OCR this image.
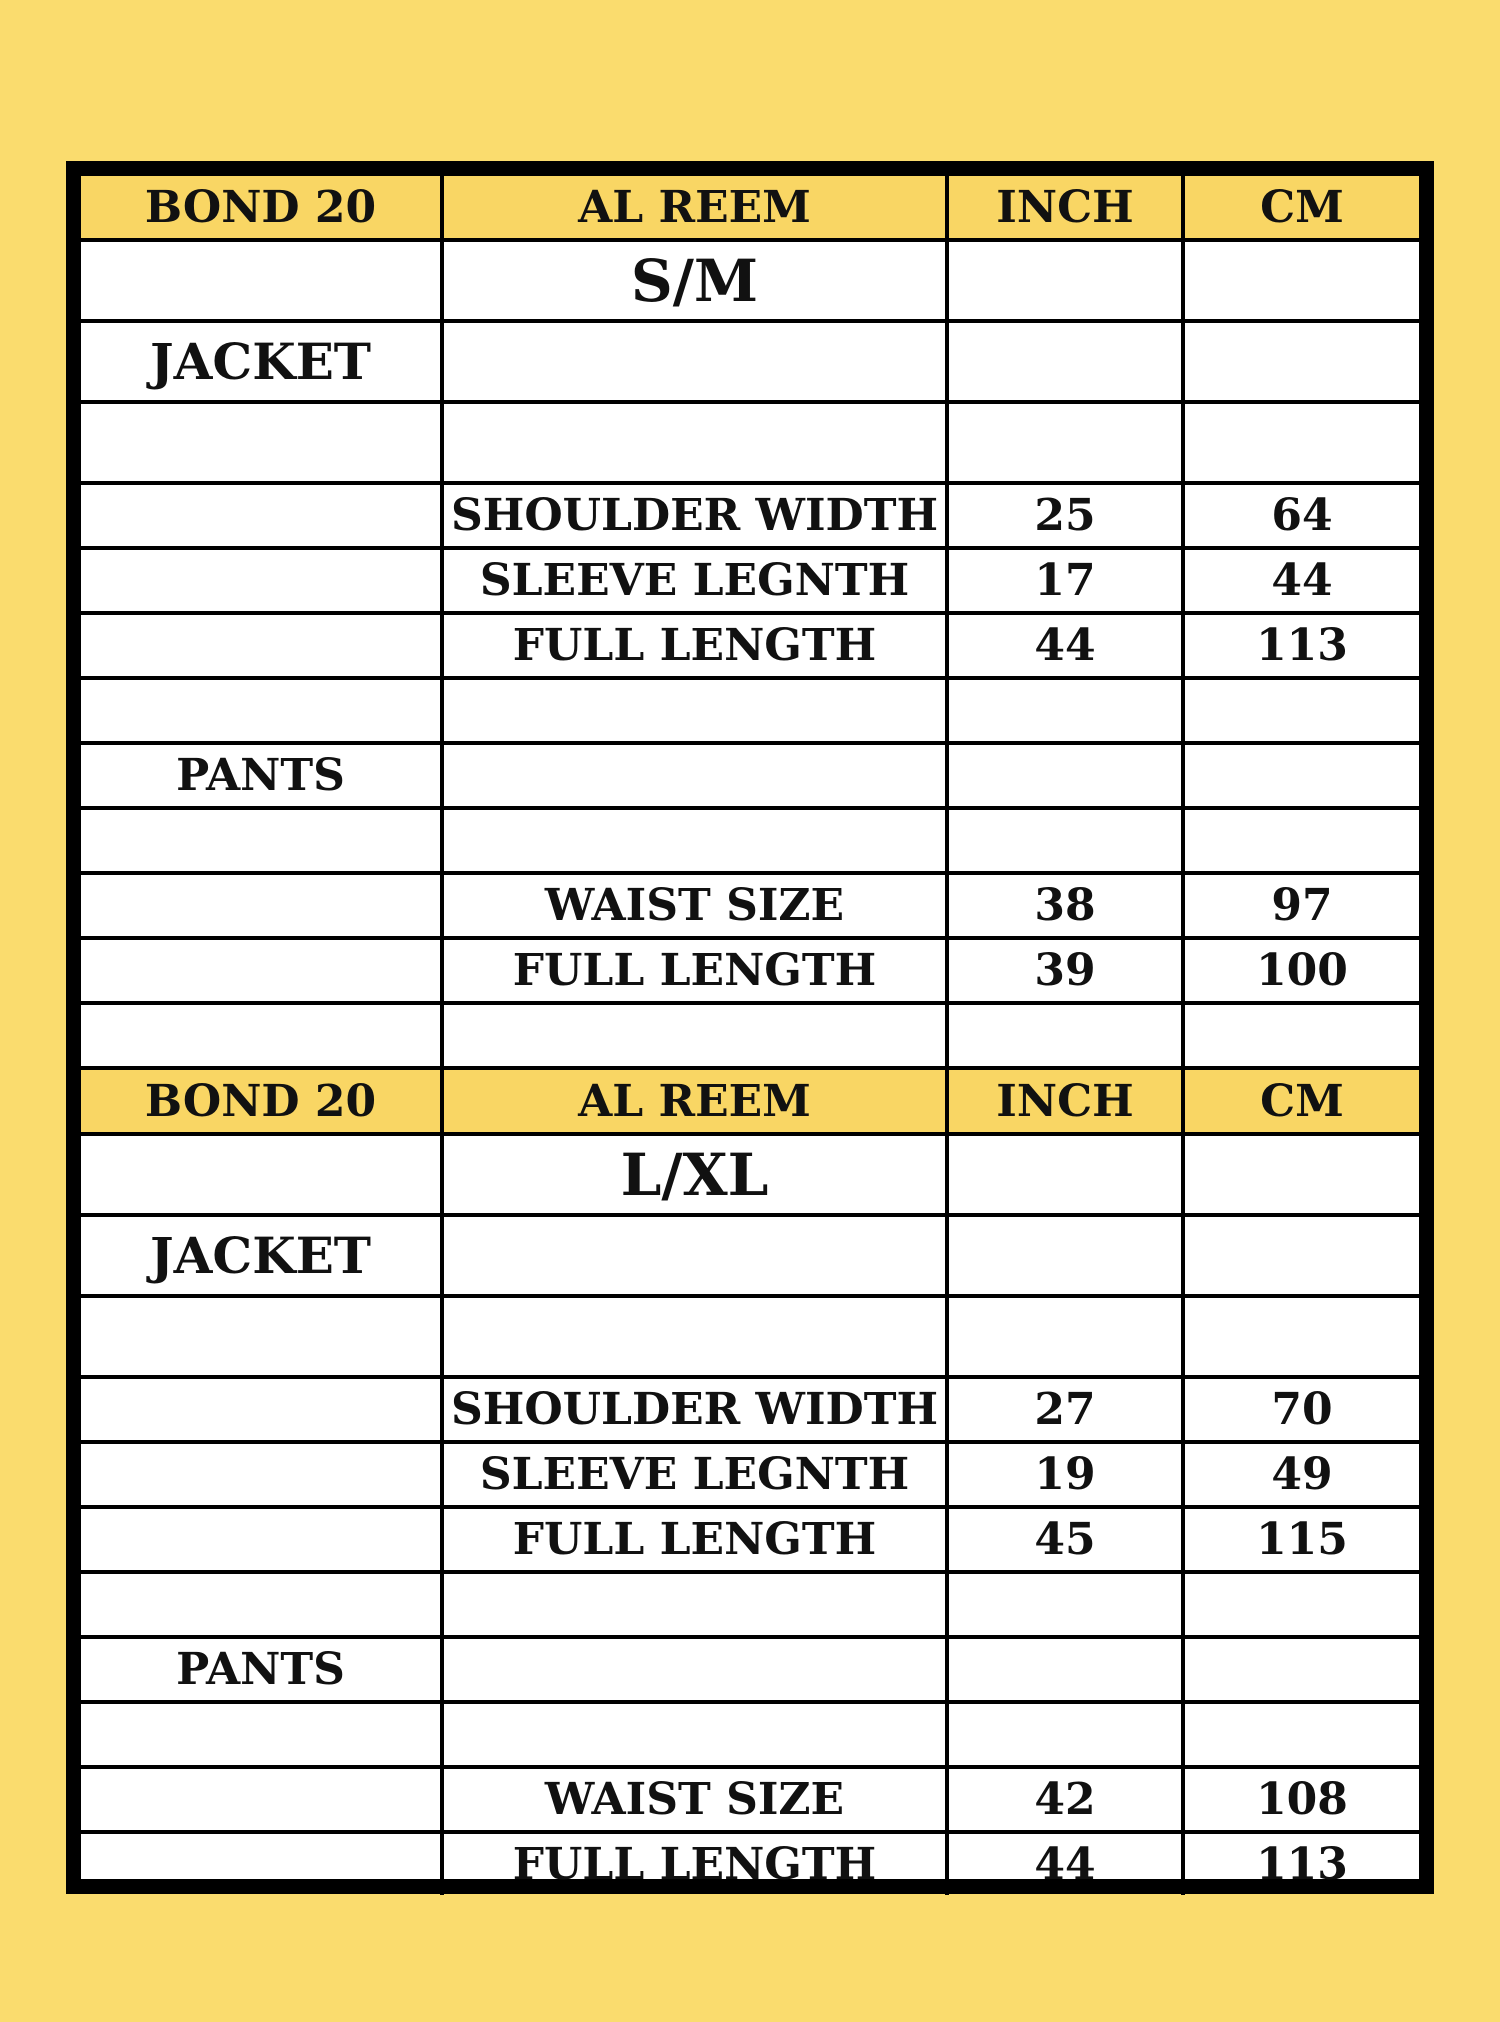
BOND 20	AL REEM	INCH	CM
	S/M		
JACKET			

	SHOULDER WIDTH	25	64
	SLEEVE LEGNTH	17	44
	FULL LENGTH	44	113

PANTS			

	WAIST SIZE	38	97
	FULL LENGTH	39	100

BOND 20	AL REEM	INCH	CM
	L/XL		
JACKET			

	SHOULDER WIDTH	27	70
	SLEEVE LEGNTH	19	49
	FULL LENGTH	45	115

PANTS			

	WAIST SIZE	42	108
	FULL LENGTH	44	113
